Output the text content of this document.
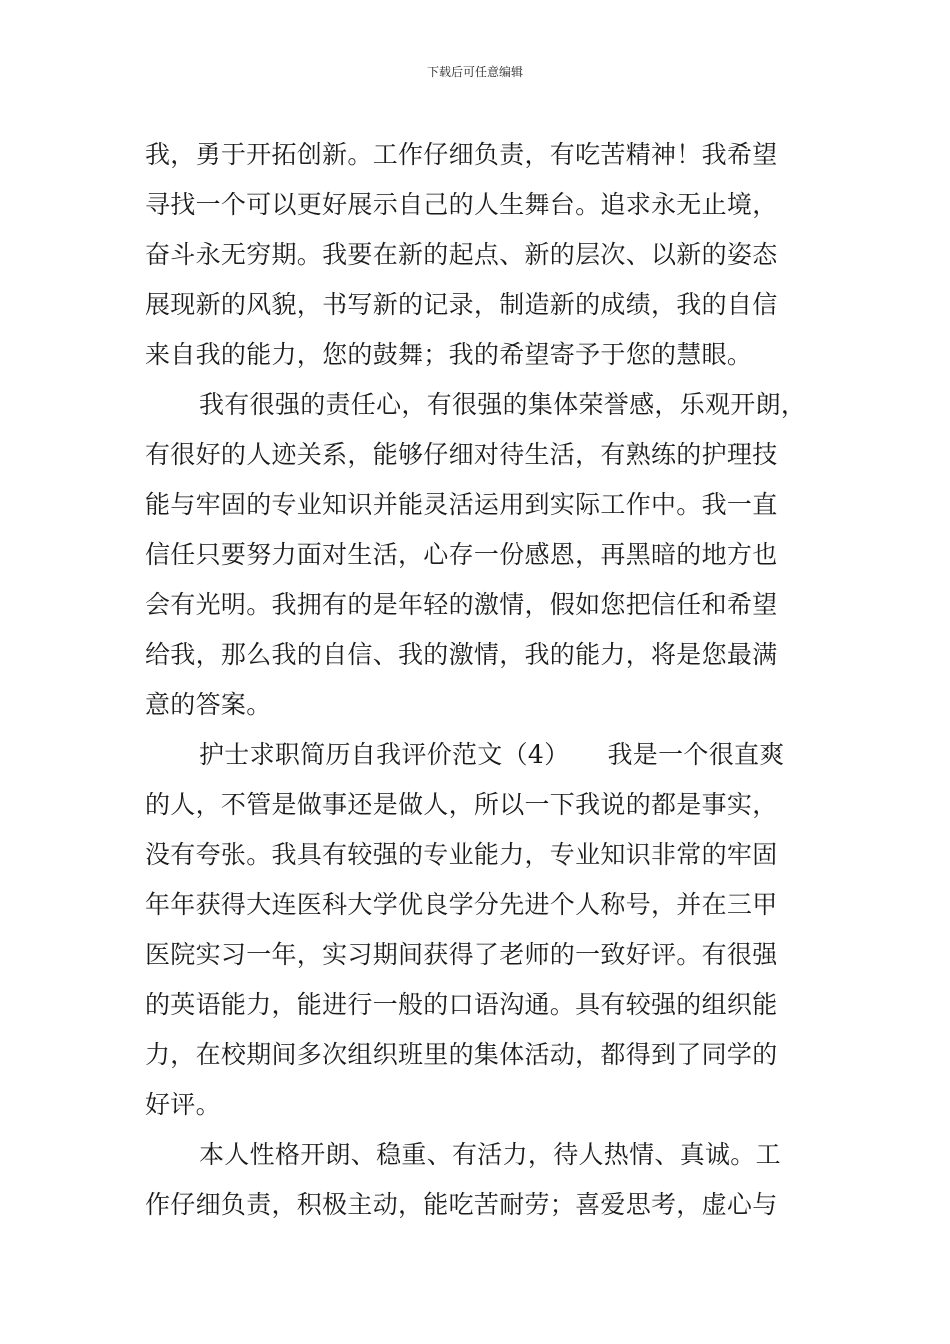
下载后可任意编辑
我，勇于开拓创新。工作仔细负责，有吃苦精神！我希望
寻找一个可以更好展示自己的人生舞台。追求永无止境，
奋斗永无穷期。我要在新的起点、新的层次、以新的姿态
展现新的风貌，书写新的记录，制造新的成绩，我的自信
来自我的能力，您的鼓舞；我的希望寄予于您的慧眼。
我有很强的责任心，有很强的集体荣誉感，乐观开朗，
有很好的人迹关系，能够仔细对待生活，有熟练的护理技
能与牢固的专业知识并能灵活运用到实际工作中。我一直
信任只要努力面对生活，心存一份感恩，再黑暗的地方也
会有光明。我拥有的是年轻的激情，假如您把信任和希望
给我，那么我的自信、我的激情，我的能力，将是您最满
意的答案。
护士求职简历自我评价范文（4）　　我是一个很直爽
的人，不管是做事还是做人，所以一下我说的都是事实，
没有夸张。我具有较强的专业能力，专业知识非常的牢固
年年获得大连医科大学优良学分先进个人称号，并在三甲
医院实习一年，实习期间获得了老师的一致好评。有很强
的英语能力，能进行一般的口语沟通。具有较强的组织能
力，在校期间多次组织班里的集体活动，都得到了同学的
好评。
本人性格开朗、稳重、有活力，待人热情、真诚。工
作仔细负责，积极主动，能吃苦耐劳；喜爱思考，虚心与
